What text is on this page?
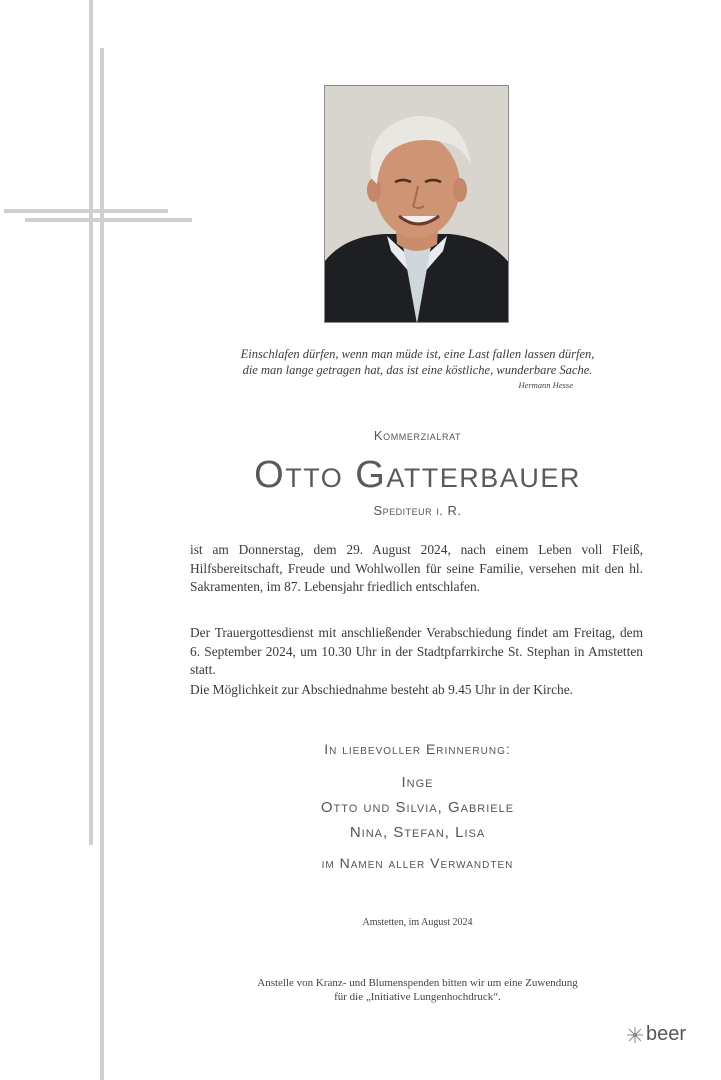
Einschlafen dürfen, wenn man müde ist, eine Last fallen lassen dürfen,
die man lange getragen hat, das ist eine köstliche, wunderbare Sache.
Hermann Hesse
Kommerzialrat
Otto Gatterbauer
Spediteur i. R.
ist am Donnerstag, dem 29. August 2024, nach einem Leben voll Fleiß, Hilfsbereitschaft, Freude und Wohlwollen für seine Familie, versehen mit den hl. Sakramenten, im 87. Lebensjahr friedlich entschlafen.
Der Trauergottesdienst mit anschließender Verabschiedung findet am Freitag, dem 6. September 2024, um 10.30 Uhr in der Stadtpfarrkirche St. Stephan in Amstetten statt.
Die Möglichkeit zur Abschiednahme besteht ab 9.45 Uhr in der Kirche.
In liebevoller Erinnerung:
Inge
Otto und Silvia, Gabriele
Nina, Stefan, Lisa
im Namen aller Verwandten
Amstetten, im August 2024
Anstelle von Kranz- und Blumenspenden bitten wir um eine Zuwendung
für die „Initiative Lungenhochdruck“.
beer
